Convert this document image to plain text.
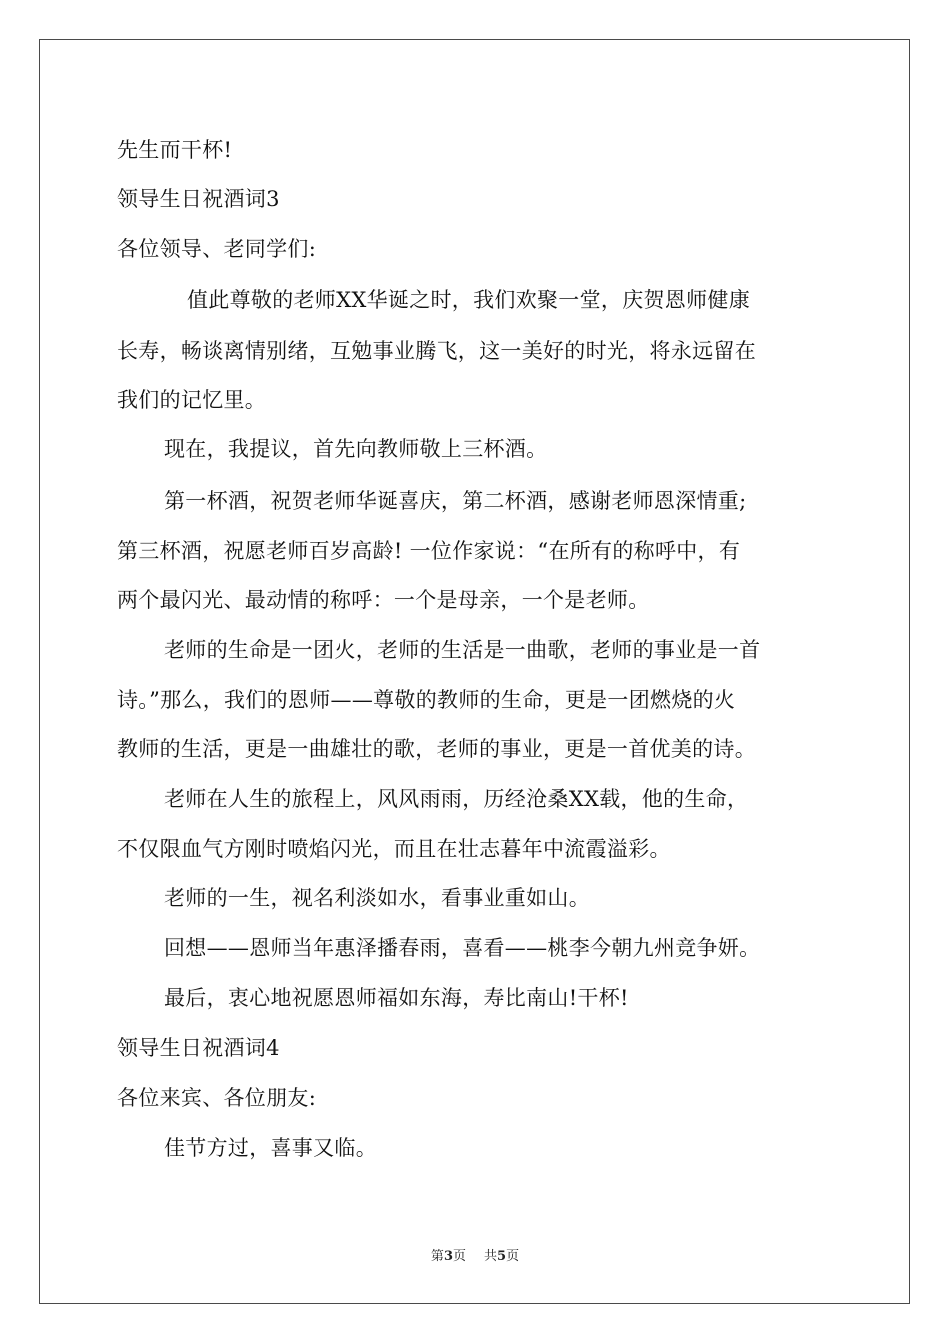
先生而干杯!
领导生日祝酒词3
各位领导、老同学们:
值此尊敬的老师XX华诞之时，我们欢聚一堂，庆贺恩师健康
长寿，畅谈离情别绪，互勉事业腾飞，这一美好的时光，将永远留在
我们的记忆里。
现在，我提议，首先向教师敬上三杯酒。
第一杯酒，祝贺老师华诞喜庆，第二杯酒，感谢老师恩深情重;
第三杯酒，祝愿老师百岁高龄! 一位作家说：“在所有的称呼中，有
两个最闪光、最动情的称呼：一个是母亲，一个是老师。
老师的生命是一团火，老师的生活是一曲歌，老师的事业是一首
诗。”那么，我们的恩师——尊敬的教师的生命，更是一团燃烧的火
教师的生活，更是一曲雄壮的歌，老师的事业，更是一首优美的诗。
老师在人生的旅程上，风风雨雨，历经沧桑XX载，他的生命，
不仅限血气方刚时喷焰闪光，而且在壮志暮年中流霞溢彩。
老师的一生，视名利淡如水，看事业重如山。
回想——恩师当年惠泽播春雨，喜看——桃李今朝九州竞争妍。
最后，衷心地祝愿恩师福如东海，寿比南山!干杯!
领导生日祝酒词4
各位来宾、各位朋友:
佳节方过，喜事又临。
第3页 共5页
